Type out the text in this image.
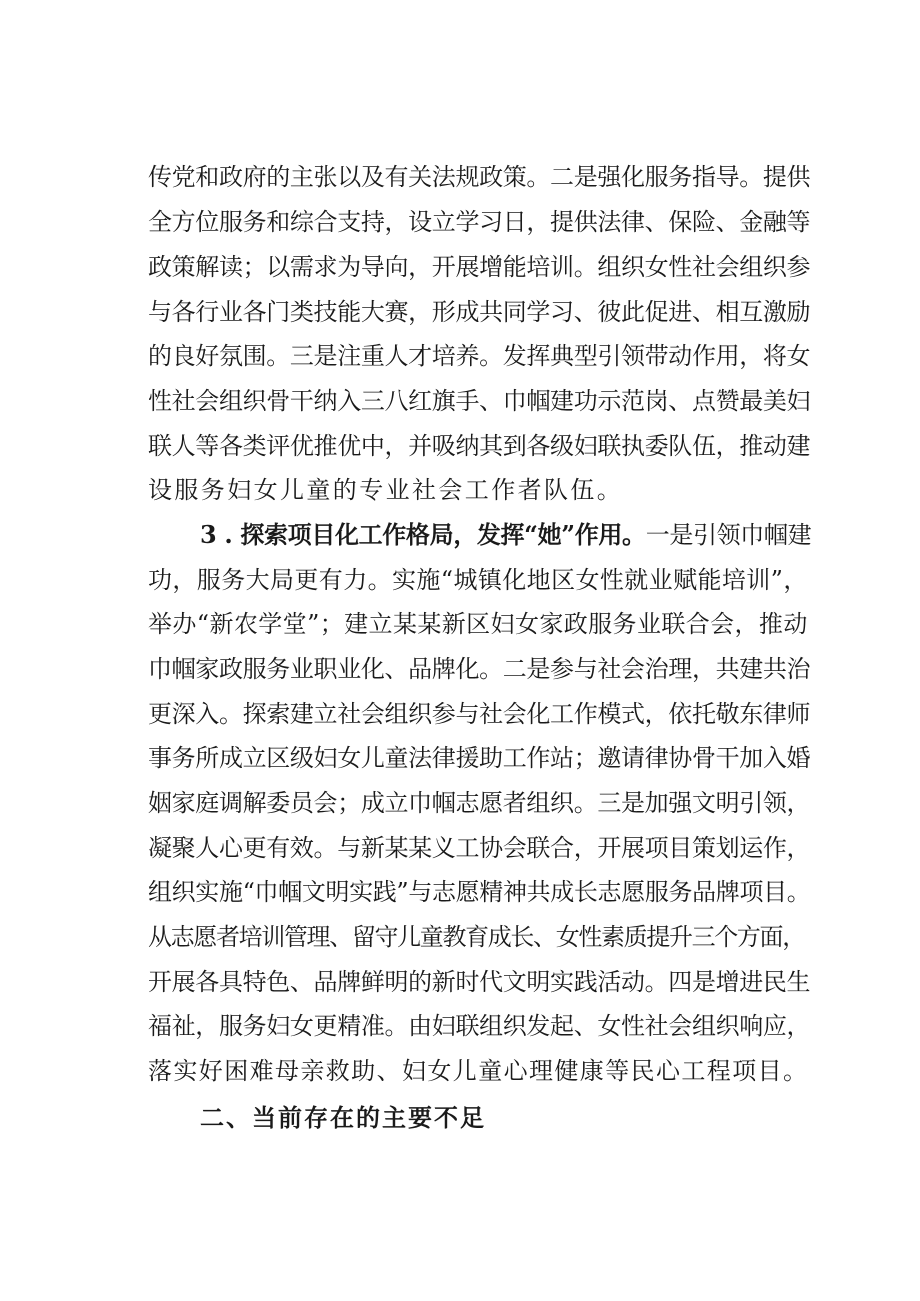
传党和政府的主张以及有关法规政策。二是强化服务指导。提供
全方位服务和综合支持，设立学习日，提供法律、保险、金融等
政策解读；以需求为导向，开展增能培训。组织女性社会组织参
与各行业各门类技能大赛，形成共同学习、彼此促进、相互激励
的良好氛围。三是注重人才培养。发挥典型引领带动作用，将女
性社会组织骨干纳入三八红旗手、巾帼建功示范岗、点赞最美妇
联人等各类评优推优中，并吸纳其到各级妇联执委队伍，推动建
设服务妇女儿童的专业社会工作者队伍。
3 . 探索项目化工作格局，发挥“她”作用。一是引领巾帼建
功，服务大局更有力。实施“城镇化地区女性就业赋能培训”，
举办“新农学堂”；建立某某新区妇女家政服务业联合会，推动
巾帼家政服务业职业化、品牌化。二是参与社会治理，共建共治
更深入。探索建立社会组织参与社会化工作模式，依托敬东律师
事务所成立区级妇女儿童法律援助工作站；邀请律协骨干加入婚
姻家庭调解委员会；成立巾帼志愿者组织。三是加强文明引领，
凝聚人心更有效。与新某某义工协会联合，开展项目策划运作，
组织实施“巾帼文明实践”与志愿精神共成长志愿服务品牌项目。
从志愿者培训管理、留守儿童教育成长、女性素质提升三个方面，
开展各具特色、品牌鲜明的新时代文明实践活动。四是增进民生
福祉，服务妇女更精准。由妇联组织发起、女性社会组织响应，
落实好困难母亲救助、妇女儿童心理健康等民心工程项目。
二、当前存在的主要不足
